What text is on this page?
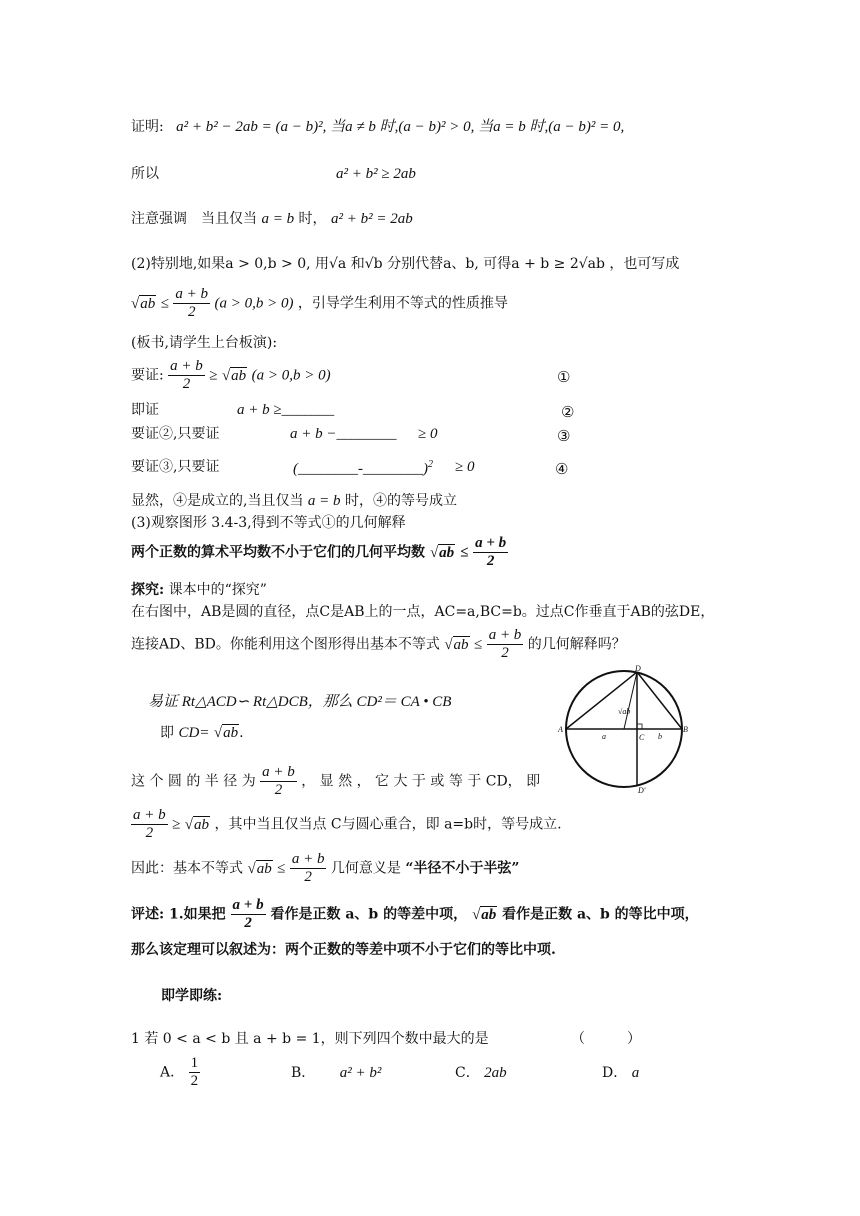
证明: a² + b² − 2ab = (a − b)², 当a ≠ b 时,(a − b)² > 0, 当a = b 时,(a − b)² = 0,
所以	a² + b² ≥ 2ab
注意强调　当且仅当 a = b 时， a² + b² = 2ab
(2)特别地,如果a > 0,b > 0, 用√a 和√b 分别代替a、b, 可得a + b ≥ 2√ab ，也可写成
$√ab \le \frac{a + b}{2} (a > 0,b > 0)$ ，引导学生利用不等式的性质推导
(板书,请学生上台板演):
要证: $\frac{a + b}{2} \ge √ab$ (a > 0,b > 0)	①
即证	a + b ≥_______	②
要证②,只要证	a + b −________ ≥ 0	③
要证③,只要证	(________-________)$^2$ ≥ 0	④
显然，④是成立的,当且仅当 a = b 时，④的等号成立
(3)观察图形 3.4-3,得到不等式①的几何解释
两个正数的算术平均数不小于它们的几何平均数 $√ab \le \frac{a + b}{2}$
探究: 课本中的“探究”
在右图中，AB是圆的直径，点C是AB上的一点，AC=a,BC=b。过点C作垂直于AB的弦DE，
连接AD、BD。你能利用这个图形得出基本不等式 $√ab \le \frac{a + b}{2}$ 的几何解释吗？
易证 Rt△ACD∽ Rt△DCB，那么 CD²＝ CA • CB
即 CD= √ab.
这 个 圆 的 半 径 为 $\frac{a + b}{2}$ ， 显 然 ， 它 大 于 或 等 于 CD， 即
$\frac{a + b}{2} \ge √ab$ ，其中当且仅当点 C与圆心重合，即 a=b时，等号成立.
因此：基本不等式 $√ab \le \frac{a + b}{2}$ 几何意义是 “半径不小于半弦”
评述: 1.如果把 $\frac{a + b}{2}$ 看作是正数 a、b 的等差中项， √ab 看作是正数 a、b 的等比中项，
那么该定理可以叙述为：两个正数的等差中项不小于它们的等比中项.
即学即练:
1 若 0 < a < b 且 a + b = 1，则下列四个数中最大的是	（　　　）
A． $\frac{1}{2}$	B． a² + b²	C． 2ab	D． a
A	B
C
D
D'
a	b
√ab
